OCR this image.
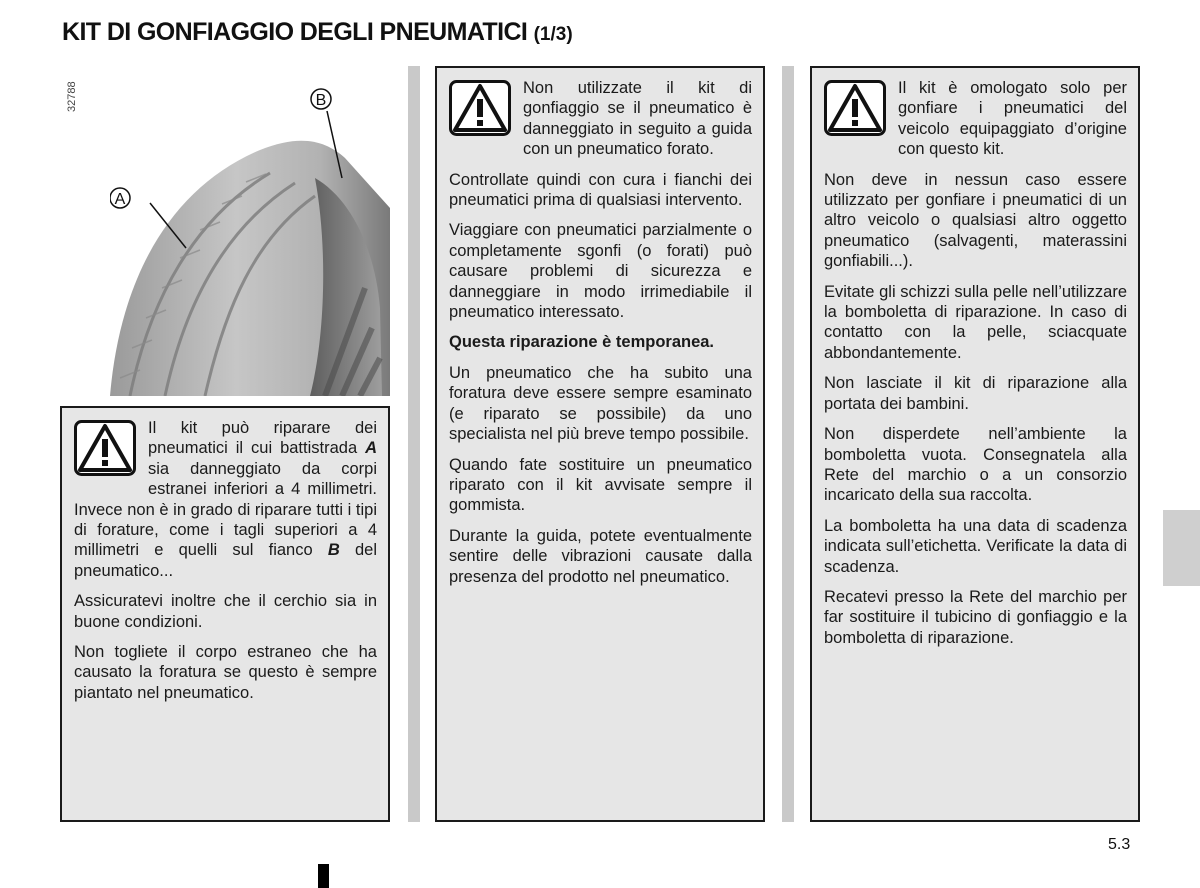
KIT DI GONFIAGGIO DEGLI PNEUMATICI (1/3)
32788
A
B

Il kit può riparare dei pneumatici il cui battistrada A sia danneggiato da corpi estranei inferiori a 4 millimetri. Invece non è in grado di riparare tutti i tipi di forature, come i tagli superiori a 4 millimetri e quelli sul fianco B del pneumatico...

Assicuratevi inoltre che il cerchio sia in buone condizioni.

Non togliete il corpo estraneo che ha causato la foratura se questo è sempre piantato nel pneumatico.

Non utilizzate il kit di gonfiaggio se il pneumatico è danneggiato in seguito a guida con un pneumatico forato.

Controllate quindi con cura i fianchi dei pneumatici prima di qualsiasi intervento.

Viaggiare con pneumatici parzialmente o completamente sgonfi (o forati) può causare problemi di sicurezza e danneggiare in modo irrimediabile il pneumatico interessato.

Questa riparazione è temporanea.

Un pneumatico che ha subito una foratura deve essere sempre esaminato (e riparato se possibile) da uno specialista nel più breve tempo possibile.

Quando fate sostituire un pneumatico riparato con il kit avvisate sempre il gommista.

Durante la guida, potete eventualmente sentire delle vibrazioni causate dalla presenza del prodotto nel pneumatico.

Il kit è omologato solo per gonfiare i pneumatici del veicolo equipaggiato d’origine con questo kit.

Non deve in nessun caso essere utilizzato per gonfiare i pneumatici di un altro veicolo o qualsiasi altro oggetto pneumatico (salvagenti, materassini gonfiabili...).

Evitate gli schizzi sulla pelle nell’utilizzare la bomboletta di riparazione. In caso di contatto con la pelle, sciacquate abbondantemente.

Non lasciate il kit di riparazione alla portata dei bambini.

Non disperdete nell’ambiente la bomboletta vuota. Consegnatela alla Rete del marchio o a un consorzio incaricato della sua raccolta.

La bomboletta ha una data di scadenza indicata sull’etichetta. Verificate la data di scadenza.

Recatevi presso la Rete del marchio per far sostituire il tubicino di gonfiaggio e la bomboletta di riparazione.

5.3
